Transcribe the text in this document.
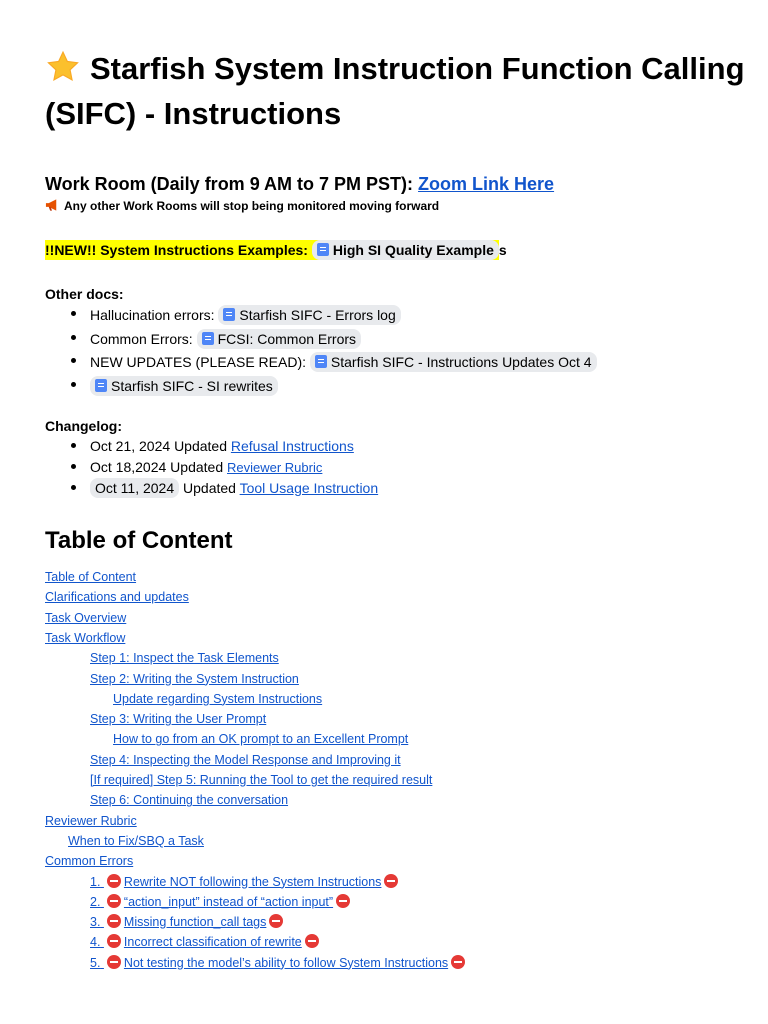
Starfish System Instruction Function Calling (SIFC) - Instructions
Work Room (Daily from 9 AM to 7 PM PST): Zoom Link Here
Any other Work Rooms will stop being monitored moving forward
!!NEW!! System Instructions Examples: High SI Quality Example s
Other docs:
Hallucination errors: Starfish SIFC - Errors log
Common Errors: FCSI: Common Errors
NEW UPDATES (PLEASE READ): Starfish SIFC - Instructions Updates Oct 4
Starfish SIFC - SI rewrites
Changelog:
Oct 21, 2024 Updated Refusal Instructions
Oct 18,2024 Updated Reviewer Rubric
Oct 11, 2024 Updated Tool Usage Instruction
Table of Content
Table of Content
Clarifications and updates
Task Overview
Task Workflow
Step 1: Inspect the Task Elements
Step 2: Writing the System Instruction
Update regarding System Instructions
Step 3: Writing the User Prompt
How to go from an OK prompt to an Excellent Prompt
Step 4: Inspecting the Model Response and Improving it
[If required] Step 5: Running the Tool to get the required result
Step 6: Continuing the conversation
Reviewer Rubric
When to Fix/SBQ a Task
Common Errors
1. Rewrite NOT following the System Instructions
2. “action_input” instead of “action input”
3. Missing function_call tags
4. Incorrect classification of rewrite
5. Not testing the model’s ability to follow System Instructions
